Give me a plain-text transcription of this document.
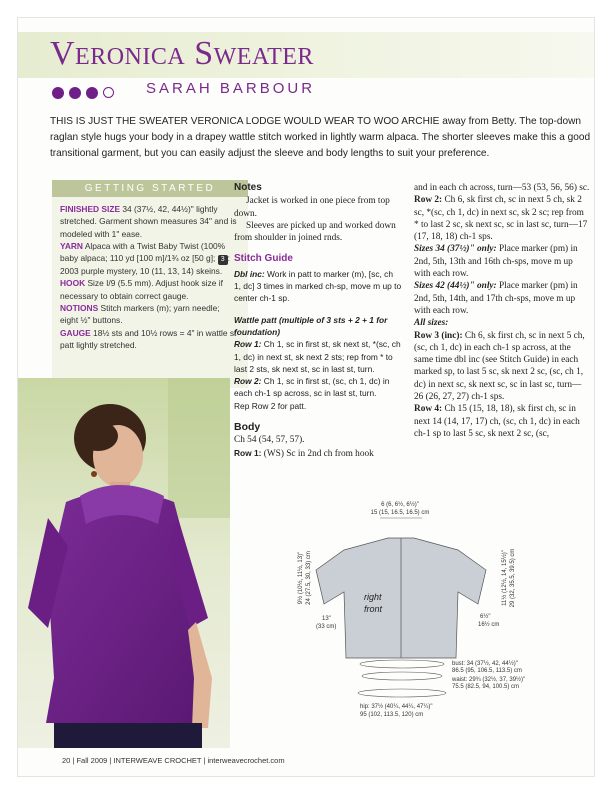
Veronica Sweater
SARAH BARBOUR

THIS IS JUST THE SWEATER VERONICA LODGE WOULD WEAR TO WOO ARCHIE away from Betty. The top-down raglan style hugs your body in a drapey wattle stitch worked in lightly warm alpaca. The shorter sleeves make this a good transitional garment, but you can easily adjust the sleeve and body lengths to suit your preference.

GETTING STARTED

FINISHED SIZE 34 (37½, 42, 44½)" lightly stretched. Garment shown measures 34" and is modeled with 1" ease.

YARN Alpaca with a Twist Baby Twist (100% baby alpaca; 110 yd [100 m]/1¾ oz [50 g]; 3 : 2003 purple mystery, 10 (11, 13, 14) skeins.

HOOK Size I/9 (5.5 mm). Adjust hook size if necessary to obtain correct gauge.

NOTIONS Stitch markers (m); yarn needle; eight ½" buttons.

GAUGE 18½ sts and 10½ rows = 4" in wattle st patt lightly stretched.

Notes

Jacket is worked in one piece from top down.

Sleeves are picked up and worked down from shoulder in joined rnds.

Stitch Guide

Dbl inc: Work in patt to marker (m), [sc, ch 1, dc] 3 times in marked ch-sp, move m up to center ch-1 sp.

Wattle patt (multiple of 3 sts + 2 + 1 for foundation)

Row 1: Ch 1, sc in first st, sk next st, *(sc, ch 1, dc) in next st, sk next 2 sts; rep from * to last 2 sts, sk next st, sc in last st, turn.

Row 2: Ch 1, sc in first st, (sc, ch 1, dc) in each ch-1 sp across, sc in last st, turn.

Rep Row 2 for patt.

Body

Ch 54 (54, 57, 57).

Row 1: (WS) Sc in 2nd ch from hook

and in each ch across, turn—53 (53, 56, 56) sc.

Row 2: Ch 6, sk first ch, sc in next 5 ch, sk 2 sc, *(sc, ch 1, dc) in next sc, sk 2 sc; rep from * to last 2 sc, sk next sc, sc in last sc, turn—17 (17, 18, 18) ch-1 sps.

Sizes 34 (37½)" only: Place marker (pm) in 2nd, 5th, 13th and 16th ch-sps, move m up with each row.

Sizes 42 (44½)" only: Place marker (pm) in 2nd, 5th, 14th, and 17th ch-sps, move m up with each row.

All sizes:

Row 3 (inc): Ch 6, sk first ch, sc in next 5 ch, (sc, ch 1, dc) in each ch-1 sp across, at the same time dbl inc (see Stitch Guide) in each marked sp, to last 5 sc, sk next 2 sc, (sc, ch 1, dc) in next sc, sk next sc, sc in last sc, turn—26 (26, 27, 27) ch-1 sps.

Row 4: Ch 15 (15, 18, 18), sk first ch, sc in next 14 (14, 17, 17) ch, (sc, ch 1, dc) in each ch-1 sp to last 5 sc, sk next 2 sc, (sc,

6 (6, 6½, 6½)"
15 (15, 16.5, 16.5) cm
9½ (10½, 11½, 13)" 24 (27.5, 30, 33) cm	11½ (12½, 14, 15½)" 29 (32, 35.5, 39.5) cm
right
front
6½"
16½ cm
13"
(33 cm)
bust: 34 (37½, 42, 44½)"
86.5 (95, 106.5, 113.5) cm
waist: 29¾ (32½, 37, 39½)"
75.5 (82.5, 94, 100.5) cm
hip: 37½ (40¼, 44¼, 47¼)"
95 (102, 113.5, 120) cm
20 | Fall 2009 | INTERWEAVE CROCHET | interweavecrochet.com
